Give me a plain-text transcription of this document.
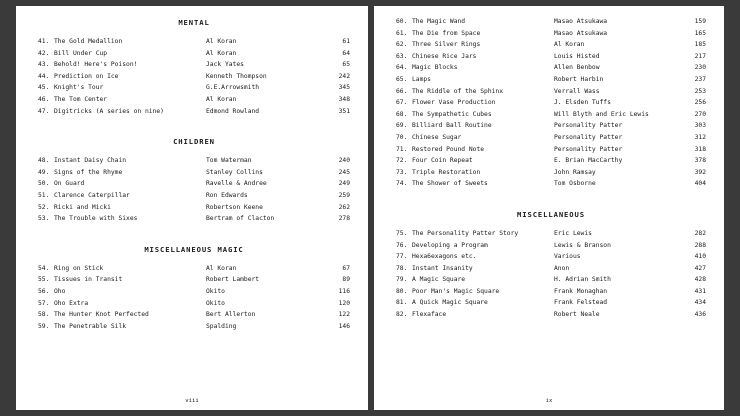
MENTAL
41. The Gold Medallion	Al Koran	61
42. Bill Under Cup	Al Koran	64
43. Behold! Here's Poison!	Jack Yates	65
44. Prediction on Ice	Kenneth Thompson	242
45. Knight's Tour	G.E.Arrowsmith	345
46. The Tom Center	Al Koran	348
47. Digitricks (A series on nine)	Edmond Rowland	351
CHILDREN
48. Instant Daisy Chain	Tom Waterman	240
49. Signs of the Rhyme	Stanley Collins	245
50. On Guard	Ravelle & Andree	249
51. Clarence Caterpillar	Ron Edwards	259
52. Ricki and Micki	Robertson Keene	262
53. The Trouble with Sixes	Bertram of Clacton	278
MISCELLANEOUS MAGIC
54. Ring on Stick	Al Koran	67
55. Tissues in Transit	Robert Lambert	89
56. Oho	Okito	116
57. Oho Extra	Okito	120
58. The Hunter Knot Perfected	Bert Allerton	122
59. The Penetrable Silk	Spalding	146
viii
60. The Magic Wand	Masao Atsukawa	159
61. The Die from Space	Masao Atsukawa	165
62. Three Silver Rings	Al Koran	185
63. Chinese Rice Jars	Louis Histed	217
64. Magic Blocks	Allen Benbow	230
65. Lamps	Robert Harbin	237
66. The Riddle of the Sphinx	Verrall Wass	253
67. Flower Vase Production	J. Elsden Tuffs	256
68. The Sympathetic Cubes	Will Blyth and Eric Lewis	270
69. Billiard Ball Routine	Personality Patter	303
70. Chinese Sugar	Personality Patter	312
71. Restored Pound Note	Personality Patter	318
72. Four Coin Repeat	E. Brian MacCarthy	378
73. Triple Restoration	John Ramsay	392
74. The Shower of Sweets	Tom Osborne	404
MISCELLANEOUS
75. The Personality Patter Story	Eric Lewis	282
76. Developing a Program	Lewis & Branson	288
77. Hexa6exagons etc.	Various	410
78. Instant Insanity	Anon	427
79. A Magic Square	H. Adrian Smith	428
80. Poor Man's Magic Square	Frank Monaghan	431
81. A Quick Magic Square	Frank Felstead	434
82. Flexaface	Robert Neale	436
ix
